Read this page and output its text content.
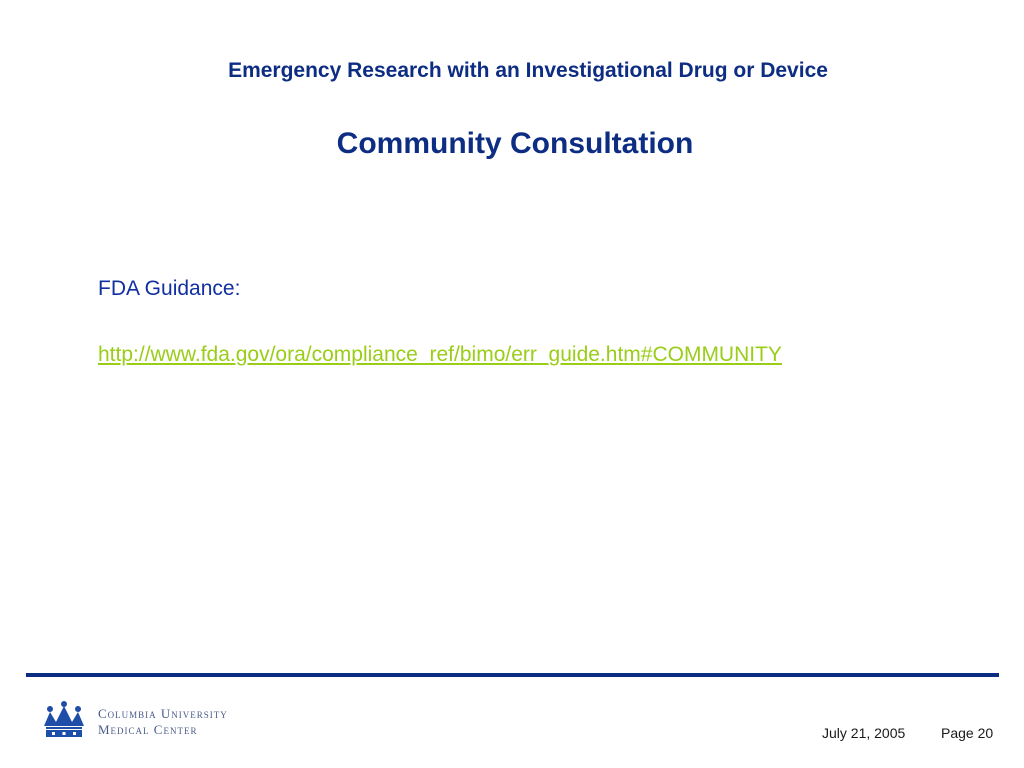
Emergency Research with an Investigational Drug or Device
Community Consultation
FDA Guidance:
http://www.fda.gov/ora/compliance_ref/bimo/err_guide.htm#COMMUNITY
Columbia University
Medical Center	July 21, 2005	Page 20
